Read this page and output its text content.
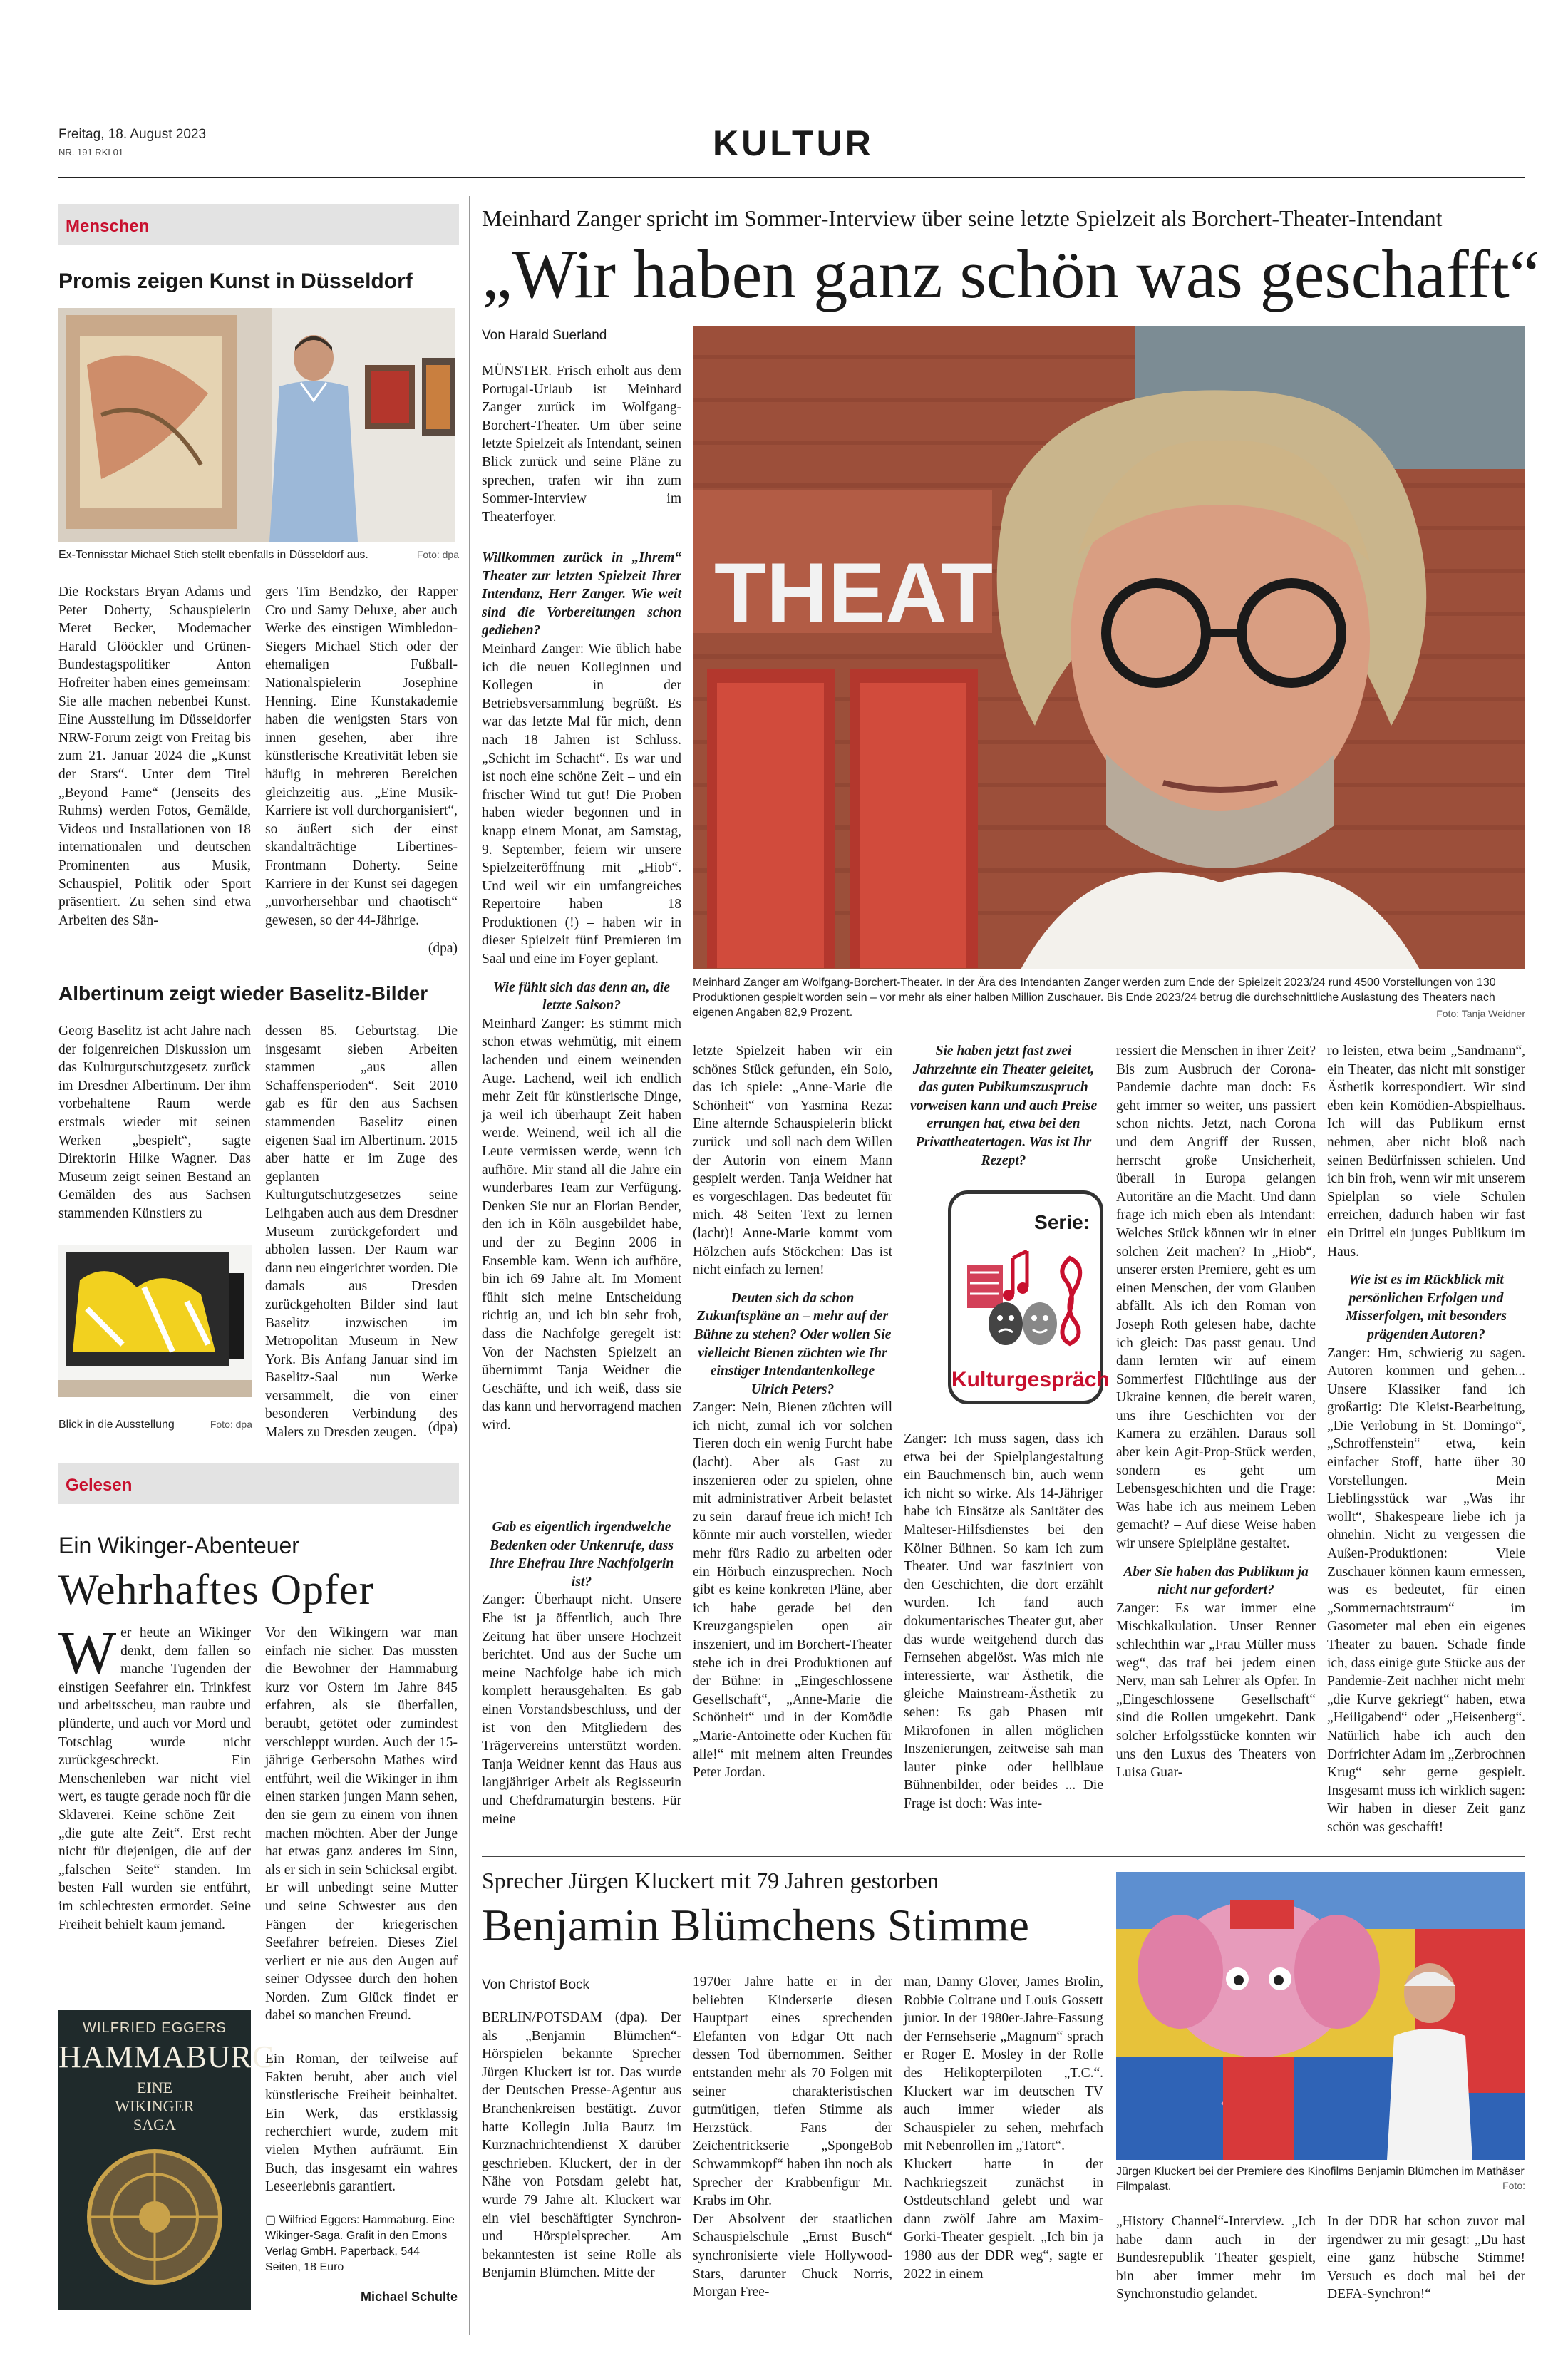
Freitag, 18. August 2023
NR. 191 RKL01	KULTUR
Menschen
Promis zeigen Kunst in Düsseldorf
Ex-Tennisstar Michael Stich stellt ebenfalls in Düsseldorf aus.	Foto: dpa
Die Rockstars Bryan Adams und Peter Doherty, Schauspielerin Meret Becker, Modemacher Harald Glööckler und Grünen-Bundestagspolitiker Anton Hofreiter haben eines gemeinsam: Sie alle machen nebenbei Kunst. Eine Ausstellung im Düsseldorfer NRW-Forum zeigt von Freitag bis zum 21. Januar 2024 die „Kunst der Stars“. Unter dem Titel „Beyond Fame“ (Jenseits des Ruhms) werden Fotos, Gemälde, Videos und Installationen von 18 internationalen und deutschen Prominenten aus Musik, Schauspiel, Politik oder Sport präsentiert. Zu sehen sind etwa Arbeiten des Sän-
gers Tim Bendzko, der Rapper Cro und Samy Deluxe, aber auch Werke des einstigen Wimbledon-Siegers Michael Stich oder der ehemaligen Fußball-Nationalspielerin Josephine Henning. Eine Kunstakademie haben die wenigsten Stars von innen gesehen, aber ihre künstlerische Kreativität leben sie häufig in mehreren Bereichen gleichzeitig aus. „Eine Musik-Karriere ist voll durchorganisiert“, so äußert sich der einst skandalträchtige Libertines-Frontmann Doherty. Seine Karriere in der Kunst sei dagegen „unvorhersehbar und chaotisch“ gewesen, so der 44-Jährige.
(dpa)
Albertinum zeigt wieder Baselitz-Bilder
Georg Baselitz ist acht Jahre nach der folgenreichen Diskussion um das Kulturgutschutzgesetz zurück im Dresdner Albertinum. Der ihm vorbehaltene Raum werde erstmals wieder mit seinen Werken „bespielt“, sagte Direktorin Hilke Wagner. Das Museum zeigt seinen Bestand an Gemälden des aus Sachsen stammenden Künstlers zu
Blick in die Ausstellung	Foto: dpa
dessen 85. Geburtstag. Die insgesamt sieben Arbeiten stammen „aus allen Schaffensperioden“. Seit 2010 gab es für den aus Sachsen stammenden Baselitz einen eigenen Saal im Albertinum. 2015 aber hatte er im Zuge des geplanten Kulturgutschutzgesetzes seine Leihgaben auch aus dem Dresdner Museum zurückgefordert und abholen lassen. Der Raum war dann neu eingerichtet worden. Die damals aus Dresden zurückgeholten Bilder sind laut Baselitz inzwischen im Metropolitan Museum in New York. Bis Anfang Januar sind im Baselitz-Saal nun Werke versammelt, die von einer besonderen Verbindung des Malers zu Dresden zeugen. (dpa)
Gelesen
Ein Wikinger-Abenteuer
Wehrhaftes Opfer
Wer heute an Wikinger denkt, dem fallen so manche Tugenden der einstigen Seefahrer ein. Trinkfest und arbeitsscheu, man raubte und plünderte, und auch vor Mord und Totschlag wurde nicht zurückgeschreckt. Ein Menschenleben war nicht viel wert, es taugte gerade noch für die Sklaverei. Keine schöne Zeit – „die gute alte Zeit“. Erst recht nicht für diejenigen, die auf der „falschen Seite“ standen. Im besten Fall wurden sie entführt, im schlechtesten ermordet. Seine Freiheit behielt kaum jemand.
WILFRIED EGGERS
HAMMABURG
EINE
WIKINGER
SAGA
Vor den Wikingern war man einfach nie sicher. Das mussten die Bewohner der Hammaburg kurz vor Ostern im Jahre 845 erfahren, als sie überfallen, beraubt, getötet oder zumindest verschleppt wurden. Auch der 15-jährige Gerbersohn Mathes wird entführt, weil die Wikinger in ihm einen starken jungen Mann sehen, den sie gern zu einem von ihnen machen möchten. Aber der Junge hat etwas ganz anderes im Sinn, als er sich in sein Schicksal ergibt. Er will unbedingt seine Mutter und seine Schwester aus den Fängen der kriegerischen Seefahrer befreien. Dieses Ziel verliert er nie aus den Augen auf seiner Odyssee durch den hohen Norden. Zum Glück findet er dabei so manchen Freund.
Ein Roman, der teilweise auf Fakten beruht, aber auch viel künstlerische Freiheit beinhaltet. Ein Werk, das erstklassig recherchiert wurde, zudem mit vielen Mythen aufräumt. Ein Buch, das insgesamt ein wahres Leseerlebnis garantiert.
▢ Wilfried Eggers: Hammaburg. Eine Wikinger-Saga. Grafit in den Emons Verlag GmbH. Paperback, 544 Seiten, 18 Euro
Michael Schulte
Meinhard Zanger spricht im Sommer-Interview über seine letzte Spielzeit als Borchert-Theater-Intendant
„Wir haben ganz schön was geschafft“
Von Harald Suerland
MÜNSTER. Frisch erholt aus dem Portugal-Urlaub ist Meinhard Zanger zurück im Wolfgang-Borchert-Theater. Um über seine letzte Spielzeit als Intendant, seinen Blick zurück und seine Pläne zu sprechen, trafen wir ihn zum Sommer-Interview im Theaterfoyer.
THEAT
Meinhard Zanger am Wolfgang-Borchert-Theater. In der Ära des Intendanten Zanger werden zum Ende der Spielzeit 2023/24 rund 4500 Vorstellungen von 130 Produktionen gespielt worden sein – vor mehr als einer halben Million Zuschauer. Bis Ende 2023/24 betrug die durchschnittliche Auslastung des Theaters nach eigenen Angaben 82,9 Prozent.	Foto: Tanja Weidner
Willkommen zurück in „Ihrem“ Theater zur letzten Spielzeit Ihrer Intendanz, Herr Zanger. Wie weit sind die Vorbereitungen schon gediehen?
Meinhard Zanger: Wie üblich habe ich die neuen Kolleginnen und Kollegen in der Betriebsversammlung begrüßt. Es war das letzte Mal für mich, denn nach 18 Jahren ist Schluss. „Schicht im Schacht“. Es war und ist noch eine schöne Zeit – und ein frischer Wind tut gut! Die Proben haben wieder begonnen und in knapp einem Monat, am Samstag, 9. September, feiern wir unsere Spielzeiteröffnung mit „Hiob“. Und weil wir ein umfangreiches Repertoire haben – 18 Produktionen (!) – haben wir in dieser Spielzeit fünf Premieren im Saal und eine im Foyer geplant.
Wie fühlt sich das denn an, die letzte Saison?
Meinhard Zanger: Es stimmt mich schon etwas wehmütig, mit einem lachenden und einem weinenden Auge. Lachend, weil ich endlich mehr Zeit für künstlerische Dinge, ja weil ich überhaupt Zeit haben werde. Weinend, weil ich all die Leute vermissen werde, wenn ich aufhöre. Mir stand all die Jahre ein wunderbares Team zur Verfügung. Denken Sie nur an Florian Bender, den ich in Köln ausgebildet habe, und der zu Beginn 2006 in Ensemble kam. Wenn ich aufhöre, bin ich 69 Jahre alt. Im Moment fühlt sich meine Entscheidung richtig an, und ich bin sehr froh, dass die Nachfolge geregelt ist: Von der Nachsten Spielzeit an übernimmt Tanja Weidner die Geschäfte, und ich weiß, dass sie das kann und hervorragend machen wird.
Gab es eigentlich irgendwelche Bedenken oder Unkenrufe, dass Ihre Ehefrau Ihre Nachfolgerin ist?
Zanger: Überhaupt nicht. Unsere Ehe ist ja öffentlich, auch Ihre Zeitung hat über unsere Hochzeit berichtet. Und aus der Suche um meine Nachfolge habe ich mich komplett herausgehalten. Es gab einen Vorstandsbeschluss, und der ist von den Mitgliedern des Trägervereins unterstützt worden. Tanja Weidner kennt das Haus aus langjähriger Arbeit als Regisseurin und Chefdramaturgin bestens. Für meine
letzte Spielzeit haben wir ein schönes Stück gefunden, ein Solo, das ich spiele: „Anne-Marie die Schönheit“ von Yasmina Reza: Eine alternde Schauspielerin blickt zurück – und soll nach dem Willen der Autorin von einem Mann gespielt werden. Tanja Weidner hat es vorgeschlagen. Das bedeutet für mich. 48 Seiten Text zu lernen (lacht)! Anne-Marie kommt vom Hölzchen aufs Stöckchen: Das ist nicht einfach zu lernen!
Deuten sich da schon Zukunftspläne an – mehr auf der Bühne zu stehen? Oder wollen Sie vielleicht Bienen züchten wie Ihr einstiger Intendantenkollege Ulrich Peters?
Zanger: Nein, Bienen züchten will ich nicht, zumal ich vor solchen Tieren doch ein wenig Furcht habe (lacht). Aber als Gast zu inszenieren oder zu spielen, ohne mit administrativer Arbeit belastet zu sein – darauf freue ich mich! Ich könnte mir auch vorstellen, wieder mehr fürs Radio zu arbeiten oder ein Hörbuch einzusprechen. Noch gibt es keine konkreten Pläne, aber ich habe gerade bei den Kreuzgangspielen open air inszeniert, und im Borchert-Theater stehe ich in drei Produktionen auf der Bühne: in „Eingeschlossene Gesellschaft“, „Anne-Marie die Schönheit“ und in der Komödie „Marie-Antoinette oder Kuchen für alle!“ mit meinem alten Freundes Peter Jordan.
Sie haben jetzt fast zwei Jahrzehnte ein Theater geleitet, das guten Pubikumszuspruch vorweisen kann und auch Preise errungen hat, etwa bei den Privattheatertagen. Was ist Ihr Rezept?
Serie:
Kulturgespräch
Zanger: Ich muss sagen, dass ich etwa bei der Spielplangestaltung ein Bauchmensch bin, auch wenn ich nicht so wirke. Als 14-Jähriger habe ich Einsätze als Sanitäter des Malteser-Hilfsdienstes bei den Kölner Bühnen. So kam ich zum Theater. Und war fasziniert von den Geschichten, die dort erzählt wurden. Ich fand auch dokumentarisches Theater gut, aber das wurde weitgehend durch das Fernsehen abgelöst. Was mich nie interessierte, war Ästhetik, die gleiche Mainstream-Ästhetik zu sehen: Es gab Phasen mit Mikrofonen in allen möglichen Inszenierungen, zeitweise sah man lauter pinke oder hellblaue Bühnenbilder, oder beides ... Die Frage ist doch: Was inte-
ressiert die Menschen in ihrer Zeit? Bis zum Ausbruch der Corona-Pandemie dachte man doch: Es geht immer so weiter, uns passiert schon nichts. Jetzt, nach Corona und dem Angriff der Russen, herrscht große Unsicherheit, überall in Europa gelangen Autoritäre an die Macht. Und dann frage ich mich eben als Intendant: Welches Stück können wir in einer solchen Zeit machen? In „Hiob“, unserer ersten Premiere, geht es um einen Menschen, der vom Glauben abfällt. Als ich den Roman von Joseph Roth gelesen habe, dachte ich gleich: Das passt genau. Und dann lernten wir auf einem Sommerfest Flüchtlinge aus der Ukraine kennen, die bereit waren, uns ihre Geschichten vor der Kamera zu erzählen. Daraus soll aber kein Agit-Prop-Stück werden, sondern es geht um Lebensgeschichten und die Frage: Was habe ich aus meinem Leben gemacht? – Auf diese Weise haben wir unsere Spielpläne gestaltet.
Aber Sie haben das Publikum ja nicht nur gefordert?
Zanger: Es war immer eine Mischkalkulation. Unser Renner schlechthin war „Frau Müller muss weg“, das traf bei jedem einen Nerv, man sah Lehrer als Opfer. In „Eingeschlossene Gesellschaft“ sind die Rollen umgekehrt. Dank solcher Erfolgsstücke konnten wir uns den Luxus des Theaters von Luisa Guar-
ro leisten, etwa beim „Sandmann“, ein Theater, das nicht mit sonstiger Ästhetik korrespondiert. Wir sind eben kein Komödien-Abspielhaus. Ich will das Publikum ernst nehmen, aber nicht bloß nach seinen Bedürfnissen schielen. Und ich bin froh, wenn wir mit unserem Spielplan so viele Schulen erreichen, dadurch haben wir fast ein Drittel ein junges Publikum im Haus.
Wie ist es im Rückblick mit persönlichen Erfolgen und Misserfolgen, mit besonders prägenden Autoren?
Zanger: Hm, schwierig zu sagen. Autoren kommen und gehen... Unsere Klassiker fand ich großartig: Die Kleist-Bearbeitung, „Die Verlobung in St. Domingo“, „Schroffenstein“ etwa, kein einfacher Stoff, hatte über 30 Vorstellungen. Mein Lieblingsstück war „Was ihr wollt“, Shakespeare liebe ich ja ohnehin. Nicht zu vergessen die Außen-Produktionen: Viele Zuschauer können kaum ermessen, was es bedeutet, für einen „Sommernachtstraum“ im Gasometer mal eben ein eigenes Theater zu bauen. Schade finde ich, dass einige gute Stücke aus der Pandemie-Zeit nachher nicht mehr „die Kurve gekriegt“ haben, etwa „Heiligabend“ oder „Heisenberg“. Natürlich habe ich auch den Dorfrichter Adam im „Zerbrochnen Krug“ sehr gerne gespielt. Insgesamt muss ich wirklich sagen: Wir haben in dieser Zeit ganz schön was geschafft!
Sprecher Jürgen Kluckert mit 79 Jahren gestorben
Benjamin Blümchens Stimme
Von Christof Bock
BERLIN/POTSDAM (dpa). Der als „Benjamin Blümchen“-Hörspielen bekannte Sprecher Jürgen Kluckert ist tot. Das wurde der Deutschen Presse-Agentur aus Branchenkreisen bestätigt. Zuvor hatte Kollegin Julia Bautz im Kurznachrichtendienst X darüber geschrieben. Kluckert, der in der Nähe von Potsdam gelebt hat, wurde 79 Jahre alt. Kluckert war ein viel beschäftigter Synchron- und Hörspielsprecher. Am bekanntesten ist seine Rolle als Benjamin Blümchen. Mitte der
1970er Jahre hatte er in der beliebten Kinderserie diesen Hauptpart eines sprechenden Elefanten von Edgar Ott nach dessen Tod übernommen. Seither entstanden mehr als 70 Folgen mit seiner charakteristischen gutmütigen, tiefen Stimme als Herzstück. Fans der Zeichentrickserie „SpongeBob Schwammkopf“ haben ihn noch als Sprecher der Krabbenfigur Mr. Krabs im Ohr.
Der Absolvent der staatlichen Schauspielschule „Ernst Busch“ synchronisierte viele Hollywood-Stars, darunter Chuck Norris, Morgan Free-
man, Danny Glover, James Brolin, Robbie Coltrane und Louis Gossett junior. In der 1980er-Jahre-Fassung der Fernsehserie „Magnum“ sprach er Roger E. Mosley in der Rolle des Helikopterpiloten „T.C.“. Kluckert war im deutschen TV auch immer wieder als Schauspieler zu sehen, mehrfach mit Nebenrollen im „Tatort“.
Kluckert hatte in der Nachkriegszeit zunächst in Ostdeutschland gelebt und war dann zwölf Jahre am Maxim-Gorki-Theater gespielt. „Ich bin ja 1980 aus der DDR weg“, sagte er 2022 in einem
Jürgen Kluckert bei der Premiere des Kinofilms Benjamin Blümchen im Mathäser Filmpalast.	Foto:
„History Channel“-Interview. „Ich habe dann auch in der Bundesrepublik Theater gespielt, bin aber immer mehr im Synchronstudio gelandet.
In der DDR hat schon zuvor mal irgendwer zu mir gesagt: „Du hast eine ganz hübsche Stimme! Versuch es doch mal bei der DEFA-Synchron!“
